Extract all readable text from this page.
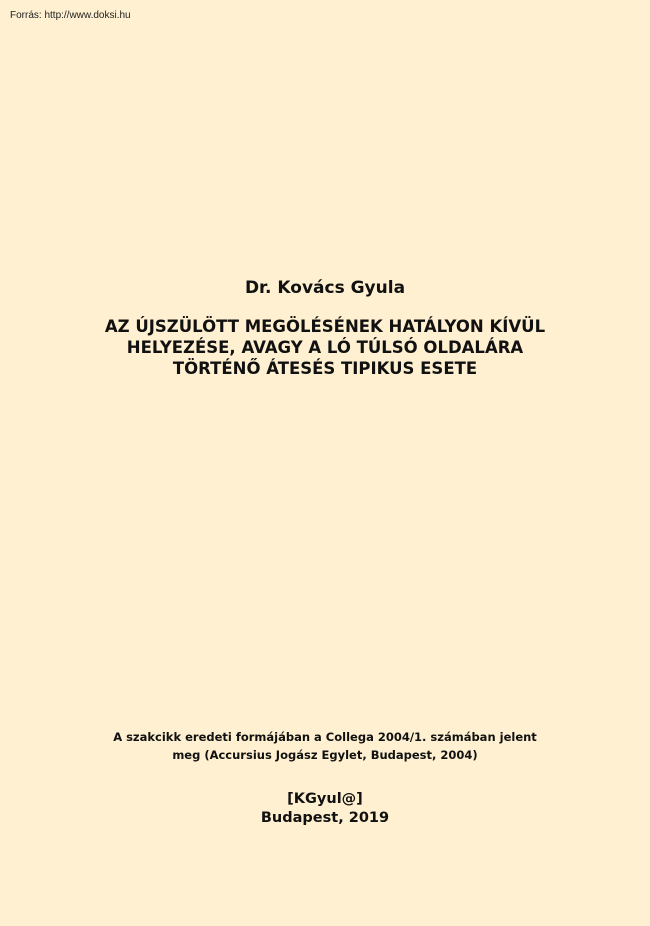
Forrás: http://www.doksi.hu
Dr. Kovács Gyula
AZ ÚJSZÜLÖTT MEGÖLÉSÉNEK HATÁLYON KÍVÜL
HELYEZÉSE, AVAGY A LÓ TÚLSÓ OLDALÁRA
TÖRTÉNŐ ÁTESÉS TIPIKUS ESETE
A szakcikk eredeti formájában a Collega 2004/1. számában jelent
meg (Accursius Jogász Egylet, Budapest, 2004)
[KGyul@]
Budapest, 2019
